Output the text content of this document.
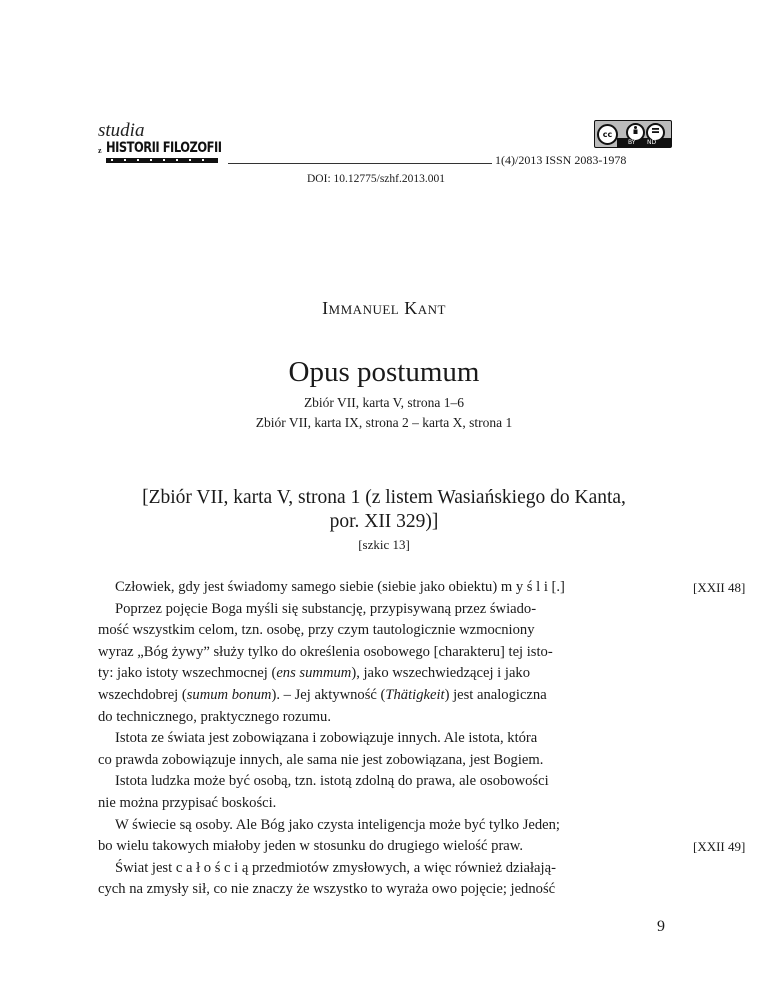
studia
z HISTORII FILOZOFII
cc
BY ND
1(4)/2013 ISSN 2083-1978
DOI: 10.12775/szhf.2013.001
Immanuel Kant
Opus postumum
Zbiór VII, karta V, strona 1–6
Zbiór VII, karta IX, strona 2 – karta X, strona 1
[Zbiór VII, karta V, strona 1 (z listem Wasiańskiego do Kanta,
por. XII 329)]
[szkic 13]
Człowiek, gdy jest świadomy samego siebie (siebie jako obiektu) m y ś l i [.]
Poprzez pojęcie Boga myśli się substancję, przypisywaną przez świado-
mość wszystkim celom, tzn. osobę, przy czym tautologicznie wzmocniony
wyraz „Bóg żywy” służy tylko do określenia osobowego [charakteru] tej isto-
ty: jako istoty wszechmocnej (ens summum), jako wszechwiedzącej i jako
wszechdobrej (sumum bonum). – Jej aktywność (Thätigkeit) jest analogiczna
do technicznego, praktycznego rozumu.
Istota ze świata jest zobowiązana i zobowiązuje innych. Ale istota, która
co prawda zobowiązuje innych, ale sama nie jest zobowiązana, jest Bogiem.
Istota ludzka może być osobą, tzn. istotą zdolną do prawa, ale osobowości
nie można przypisać boskości.
W świecie są osoby. Ale Bóg jako czysta inteligencja może być tylko Jeden;
bo wielu takowych miałoby jeden w stosunku do drugiego wielość praw.
Świat jest c a ł o ś c i ą przedmiotów zmysłowych, a więc również działają-
cych na zmysły sił, co nie znaczy że wszystko to wyraża owo pojęcie; jedność
[XXII 48]
[XXII 49]
9
